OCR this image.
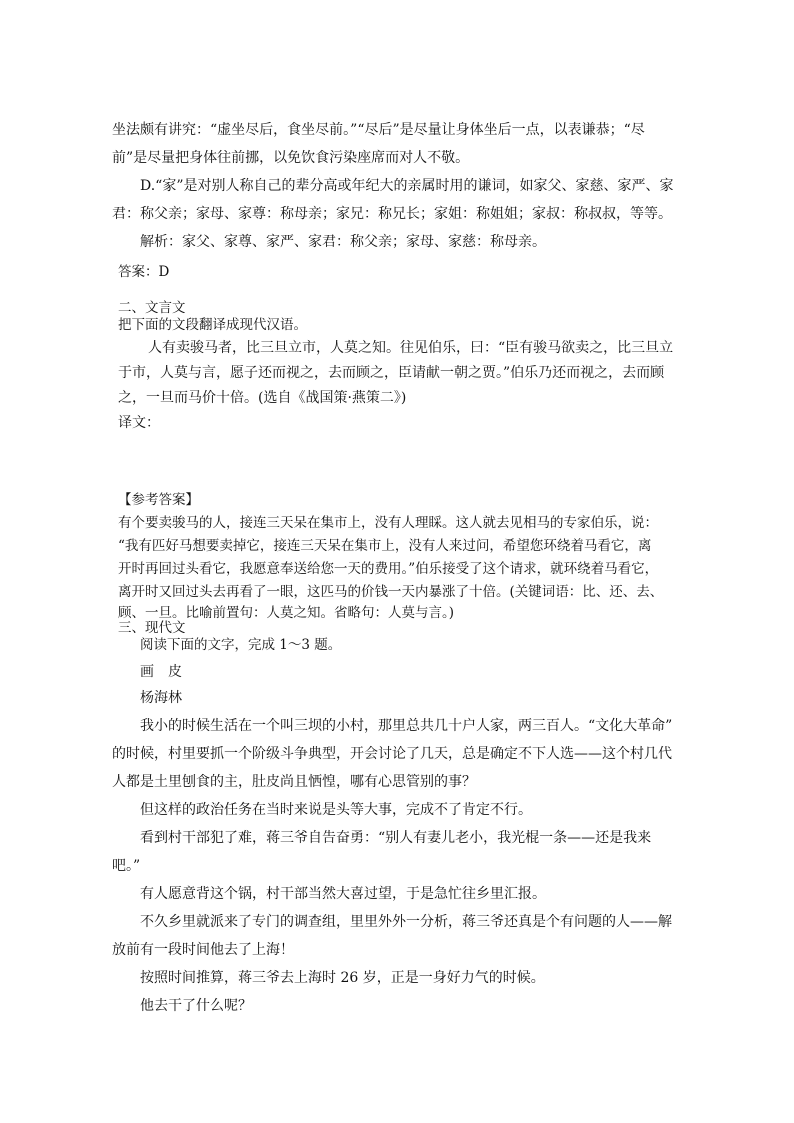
坐法颇有讲究：“虚坐尽后，食坐尽前。”“尽后”是尽量让身体坐后一点，以表谦恭；“尽
前”是尽量把身体往前挪，以免饮食污染座席而对人不敬。
D.“家”是对别人称自己的辈分高或年纪大的亲属时用的谦词，如家父、家慈、家严、家
君：称父亲；家母、家尊：称母亲；家兄：称兄长；家姐：称姐姐；家叔：称叔叔，等等。
解析：家父、家尊、家严、家君：称父亲；家母、家慈：称母亲。
答案：D
二、文言文
把下面的文段翻译成现代汉语。
人有卖骏马者，比三旦立市，人莫之知。往见伯乐，曰：“臣有骏马欲卖之，比三旦立
于市，人莫与言，愿子还而视之，去而顾之，臣请献一朝之贾。”伯乐乃还而视之，去而顾
之，一旦而马价十倍。(选自《战国策·燕策二》)
译文：
【参考答案】
有个要卖骏马的人，接连三天呆在集市上，没有人理睬。这人就去见相马的专家伯乐，说：
“我有匹好马想要卖掉它，接连三天呆在集市上，没有人来过问，希望您环绕着马看它，离
开时再回过头看它，我愿意奉送给您一天的费用。”伯乐接受了这个请求，就环绕着马看它，
离开时又回过头去再看了一眼，这匹马的价钱一天内暴涨了十倍。(关键词语：比、还、去、
顾、一旦。比喻前置句：人莫之知。省略句：人莫与言。)
三、现代文
阅读下面的文字，完成 1～3 题。
画　皮
杨海林
我小的时候生活在一个叫三坝的小村，那里总共几十户人家，两三百人。“文化大革命”
的时候，村里要抓一个阶级斗争典型，开会讨论了几天，总是确定不下人选——这个村几代
人都是土里刨食的主，肚皮尚且恓惶，哪有心思管别的事？
但这样的政治任务在当时来说是头等大事，完成不了肯定不行。
看到村干部犯了难，蒋三爷自告奋勇：“别人有妻儿老小，我光棍一条——还是我来
吧。”
有人愿意背这个锅，村干部当然大喜过望，于是急忙往乡里汇报。
不久乡里就派来了专门的调查组，里里外外一分析，蒋三爷还真是个有问题的人——解
放前有一段时间他去了上海！
按照时间推算，蒋三爷去上海时 26 岁，正是一身好力气的时候。
他去干了什么呢？
